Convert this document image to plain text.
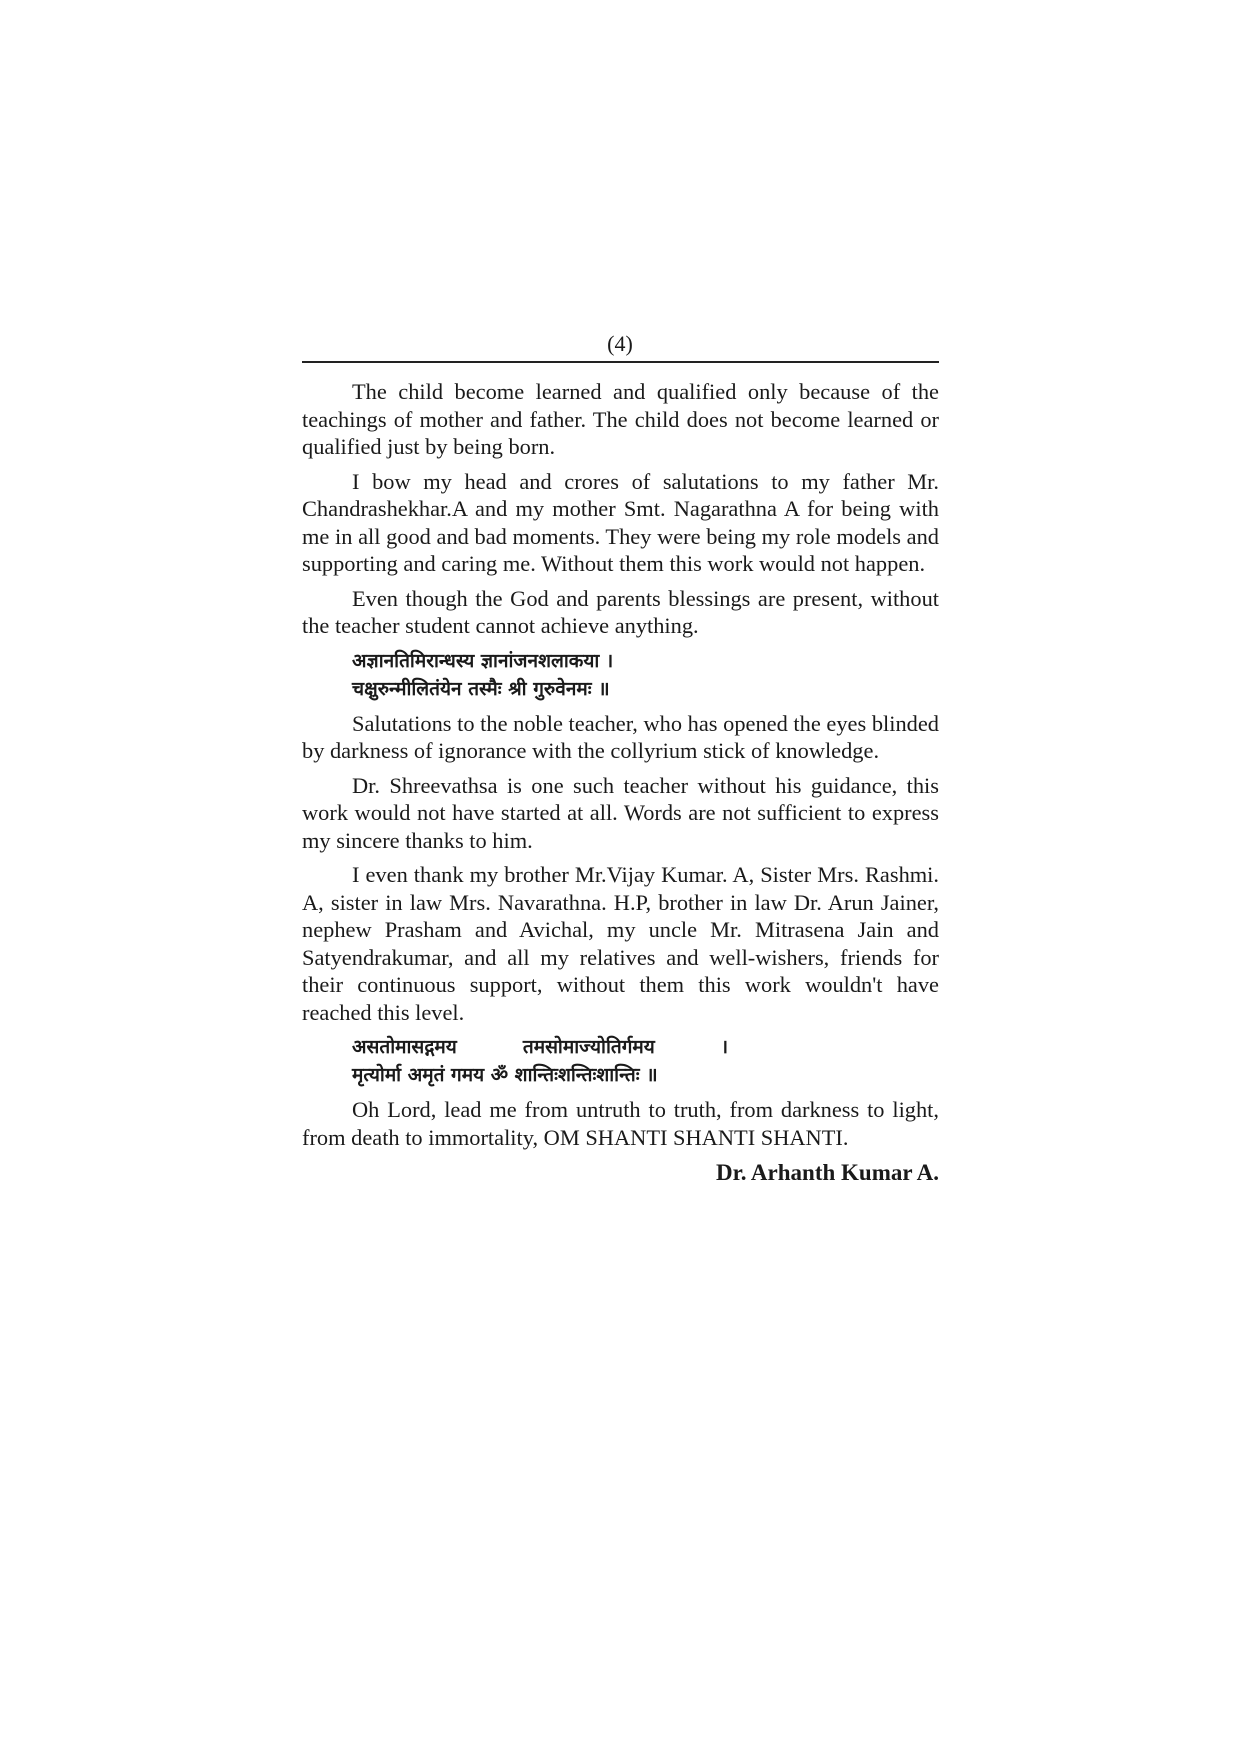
(4)

The child become learned and qualified only because of the teachings of mother and father. The child does not become learned or qualified just by being born.

I bow my head and crores of salutations to my father Mr. Chandrashekhar.A and my mother Smt. Nagarathna A for being with me in all good and bad moments. They were being my role models and supporting and caring me. Without them this work would not happen.

Even though the God and parents blessings are present, without the teacher student cannot achieve anything.

अज्ञानतिमिरान्धस्य ज्ञानांजनशलाकया ।
चक्षुरुन्मीलितंयेन तस्मैः श्री गुरुवेनमः ॥

Salutations to the noble teacher, who has opened the eyes blinded by darkness of ignorance with the collyrium stick of knowledge.

Dr. Shreevathsa is one such teacher without his guidance, this work would not have started at all. Words are not sufficient to express my sincere thanks to him.

I even thank my brother Mr.Vijay Kumar. A, Sister Mrs. Rashmi. A, sister in law Mrs. Navarathna. H.P, brother in law Dr. Arun Jainer, nephew Prasham and Avichal, my uncle Mr. Mitrasena Jain and Satyendrakumar, and all my relatives and well-wishers, friends for their continuous support, without them this work wouldn't have reached this level.

असतोमासद्गमय          तमसोमाज्योतिर्गमय          ।
मृत्योर्मा अमृतं गमय ॐ शान्तिःशन्तिःशान्तिः ॥

Oh Lord, lead me from untruth to truth, from darkness to light, from death to immortality, OM SHANTI SHANTI SHANTI.

Dr. Arhanth Kumar A.
